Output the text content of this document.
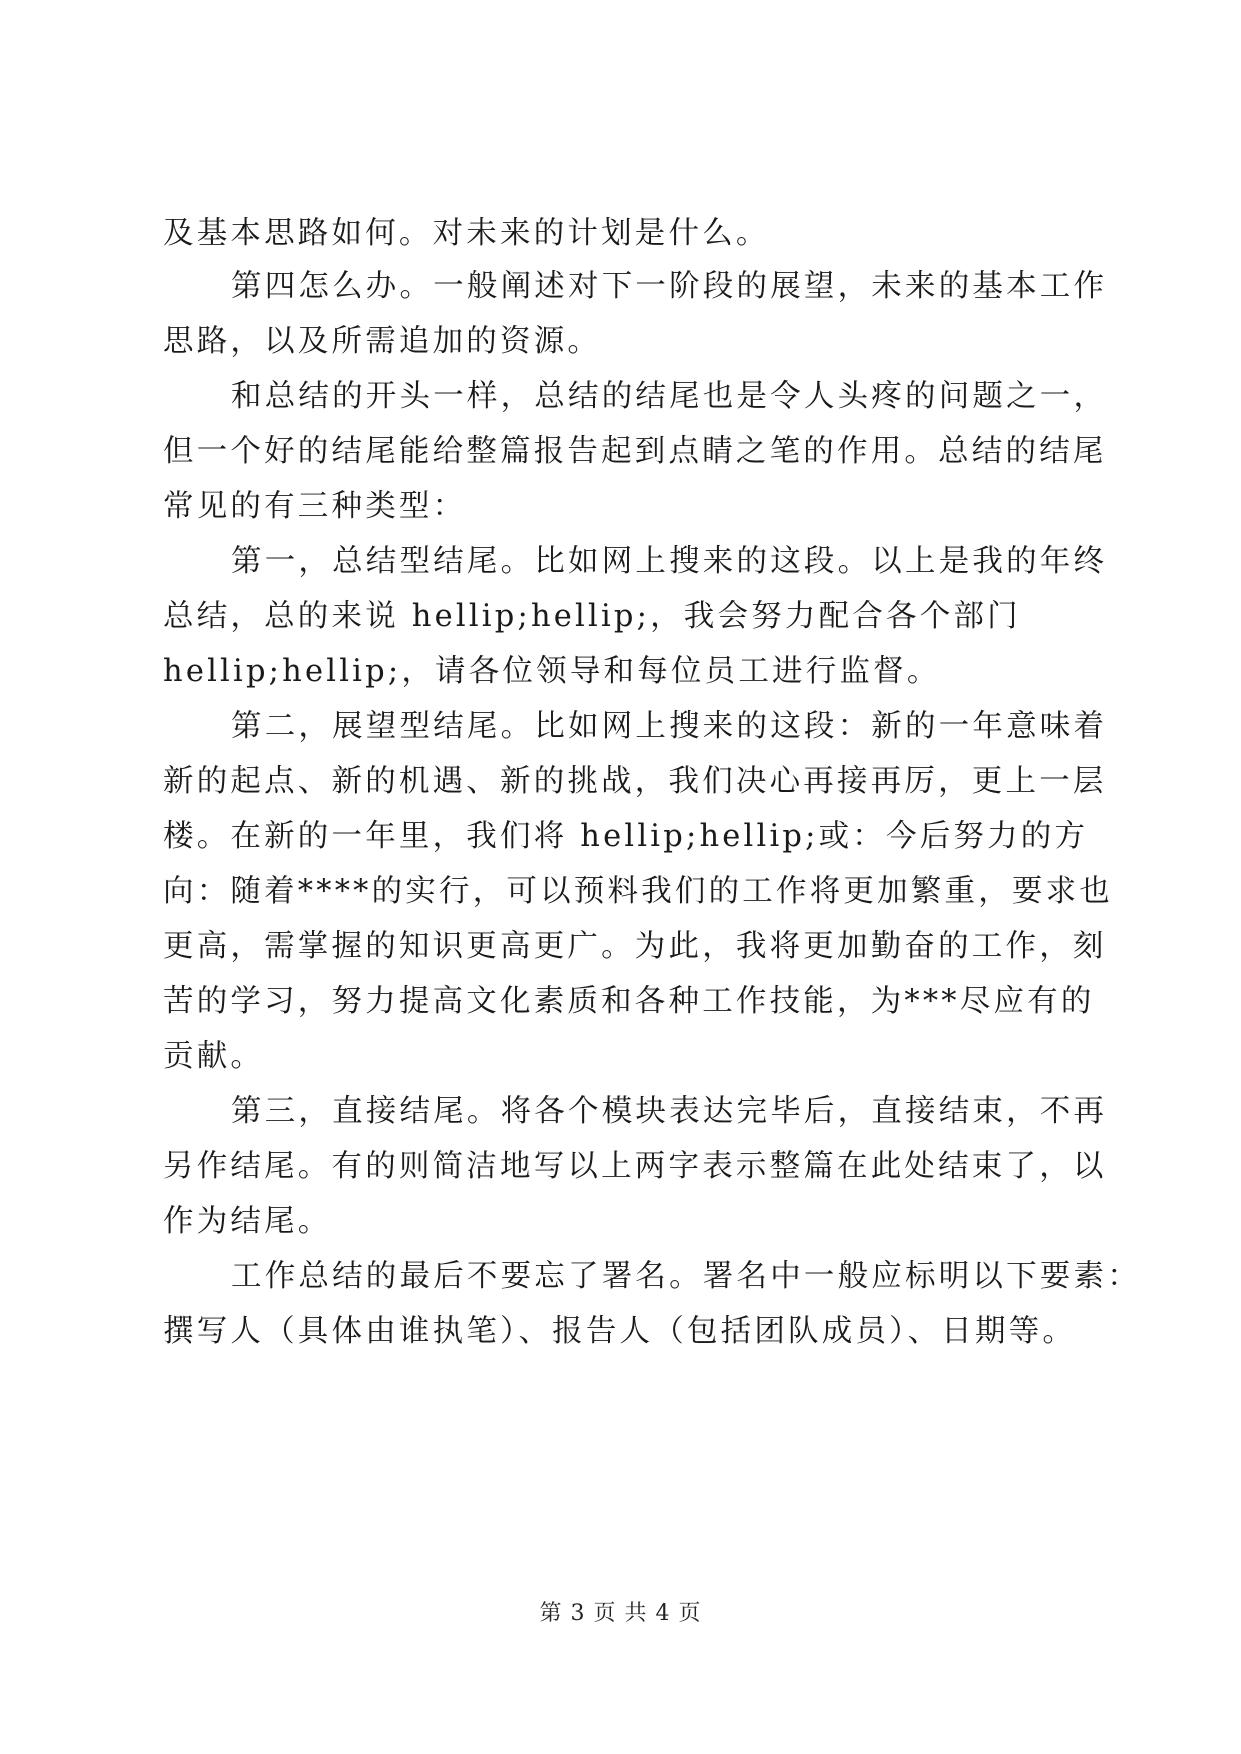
及基本思路如何。对未来的计划是什么。
第四怎么办。一般阐述对下一阶段的展望，未来的基本工作
思路，以及所需追加的资源。
和总结的开头一样，总结的结尾也是令人头疼的问题之一，
但一个好的结尾能给整篇报告起到点睛之笔的作用。总结的结尾
常见的有三种类型：
第一，总结型结尾。比如网上搜来的这段。以上是我的年终
总结，总的来说 hellip;hellip;，我会努力配合各个部门
hellip;hellip;，请各位领导和每位员工进行监督。
第二，展望型结尾。比如网上搜来的这段：新的一年意味着
新的起点、新的机遇、新的挑战，我们决心再接再厉，更上一层
楼。在新的一年里，我们将 hellip;hellip;或：今后努力的方
向：随着****的实行，可以预料我们的工作将更加繁重，要求也
更高，需掌握的知识更高更广。为此，我将更加勤奋的工作，刻
苦的学习，努力提高文化素质和各种工作技能，为***尽应有的
贡献。
第三，直接结尾。将各个模块表达完毕后，直接结束，不再
另作结尾。有的则简洁地写以上两字表示整篇在此处结束了，以
作为结尾。
工作总结的最后不要忘了署名。署名中一般应标明以下要素：
撰写人（具体由谁执笔）、报告人（包括团队成员）、日期等。
第 3 页 共 4 页
